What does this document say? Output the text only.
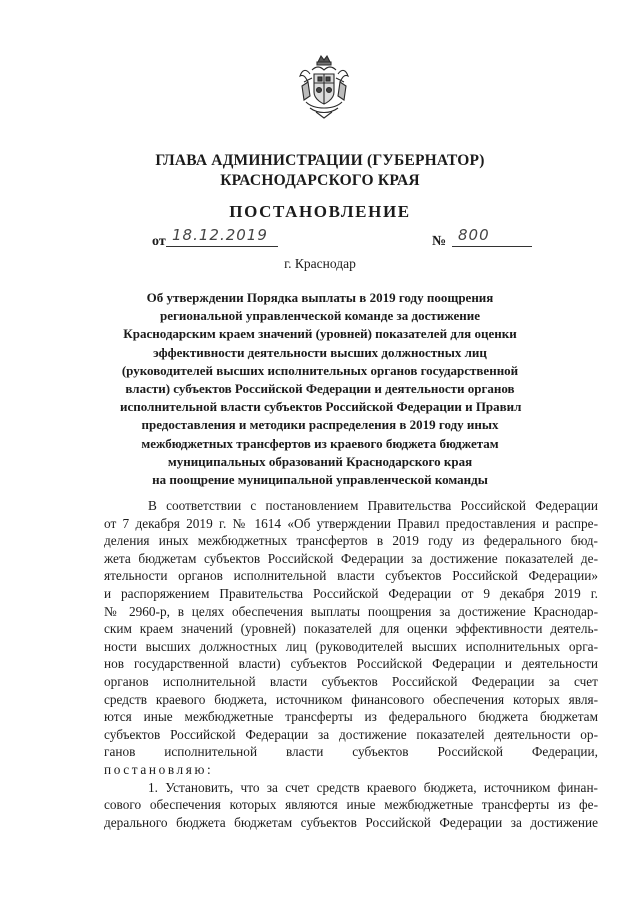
ГЛАВА АДМИНИСТРАЦИИ (ГУБЕРНАТОР)
КРАСНОДАРСКОГО КРАЯ
ПОСТАНОВЛЕНИЕ
от 18.12.2019	№ 800
г. Краснодар
Об утверждении Порядка выплаты в 2019 году поощрения
региональной управленческой команде за достижение
Краснодарским краем значений (уровней) показателей для оценки
эффективности деятельности высших должностных лиц
(руководителей высших исполнительных органов государственной
власти) субъектов Российской Федерации и деятельности органов
исполнительной власти субъектов Российской Федерации и Правил
предоставления и методики распределения в 2019 году иных
межбюджетных трансфертов из краевого бюджета бюджетам
муниципальных образований Краснодарского края
на поощрение муниципальной управленческой команды
В соответствии с постановлением Правительства Российской Федерации
от 7 декабря 2019 г. № 1614 «Об утверждении Правил предоставления и распре-
деления иных межбюджетных трансфертов в 2019 году из федерального бюд-
жета бюджетам субъектов Российской Федерации за достижение показателей де-
ятельности органов исполнительной власти субъектов Российской Федерации»
и распоряжением Правительства Российской Федерации от 9 декабря 2019 г.
№ 2960-р, в целях обеспечения выплаты поощрения за достижение Краснодар-
ским краем значений (уровней) показателей для оценки эффективности деятель-
ности высших должностных лиц (руководителей высших исполнительных орга-
нов государственной власти) субъектов Российской Федерации и деятельности
органов исполнительной власти субъектов Российской Федерации за счет
средств краевого бюджета, источником финансового обеспечения которых явля-
ются иные межбюджетные трансферты из федерального бюджета бюджетам
субъектов Российской Федерации за достижение показателей деятельности ор-
ганов исполнительной власти субъектов Российской Федерации,
постановляю:
1. Установить, что за счет средств краевого бюджета, источником финан-
сового обеспечения которых являются иные межбюджетные трансферты из фе-
дерального бюджета бюджетам субъектов Российской Федерации за достижение
